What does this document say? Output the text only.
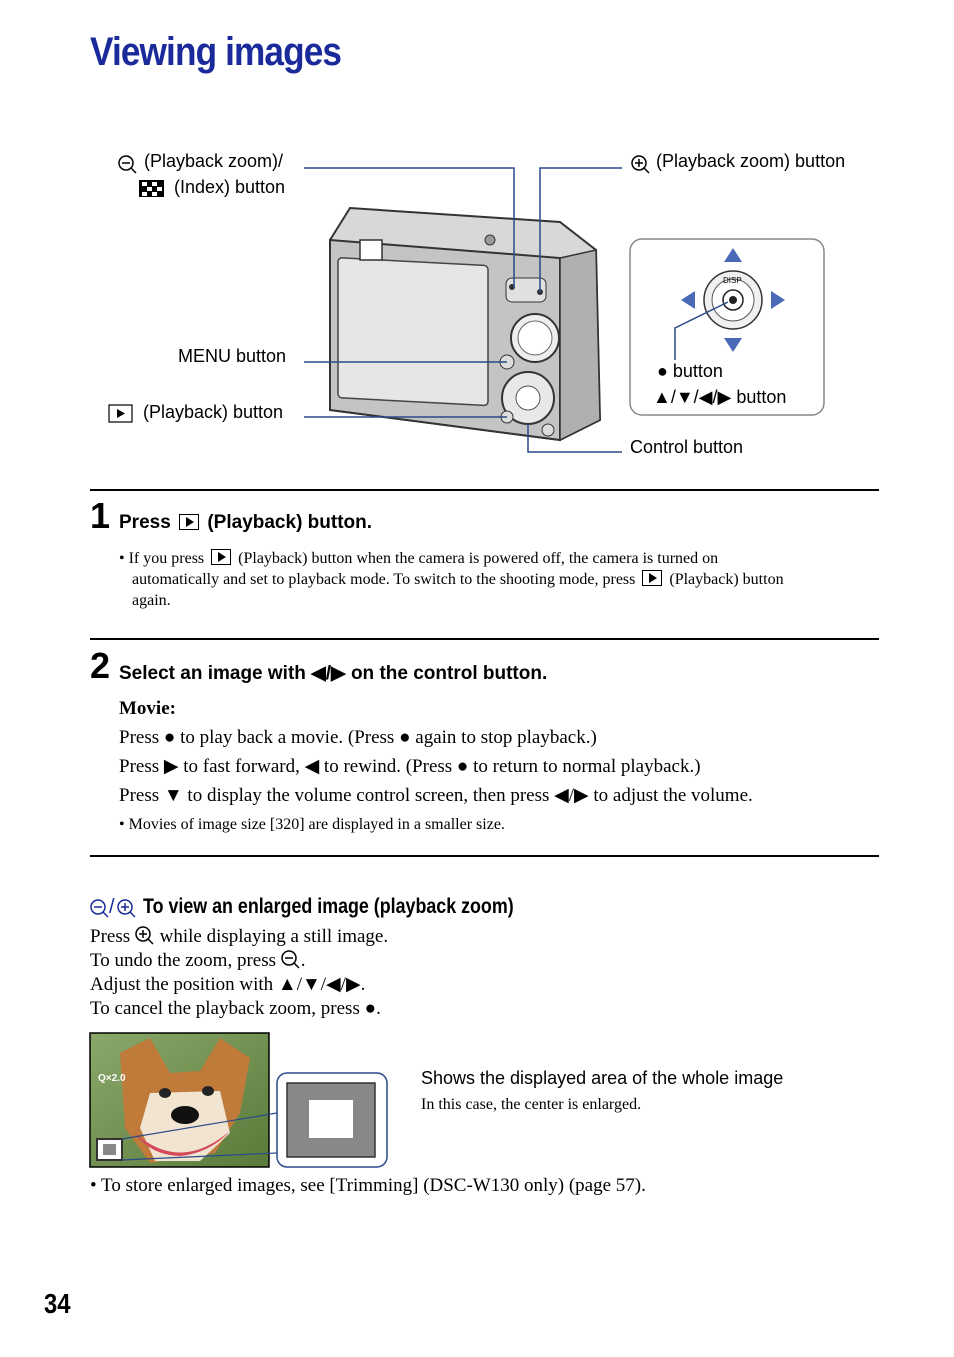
Viewing images
DISP
(Playback zoom)/
(Index) button
(Playback zoom) button
MENU button
(Playback) button
● button
▲/▼/◀/▶ button
Control button
1 Press (Playback) button.
• If you press (Playback) button when the camera is powered off, the camera is turned on
automatically and set to playback mode. To switch to the shooting mode, press (Playback) button
again.
2 Select an image with ◀/▶ on the control button.
Movie:
Press ● to play back a movie. (Press ● again to stop playback.)
Press ▶ to fast forward, ◀ to rewind. (Press ● to return to normal playback.)
Press ▼ to display the volume control screen, then press ◀/▶ to adjust the volume.
• Movies of image size [320] are displayed in a smaller size.
/ To view an enlarged image (playback zoom)
Press while displaying a still image.
To undo the zoom, press .
Adjust the position with ▲/▼/◀/▶.
To cancel the playback zoom, press ●.
Q×2.0	Shows the displayed area of the whole image
In this case, the center is enlarged.
• To store enlarged images, see [Trimming] (DSC-W130 only) (page 57).
34
